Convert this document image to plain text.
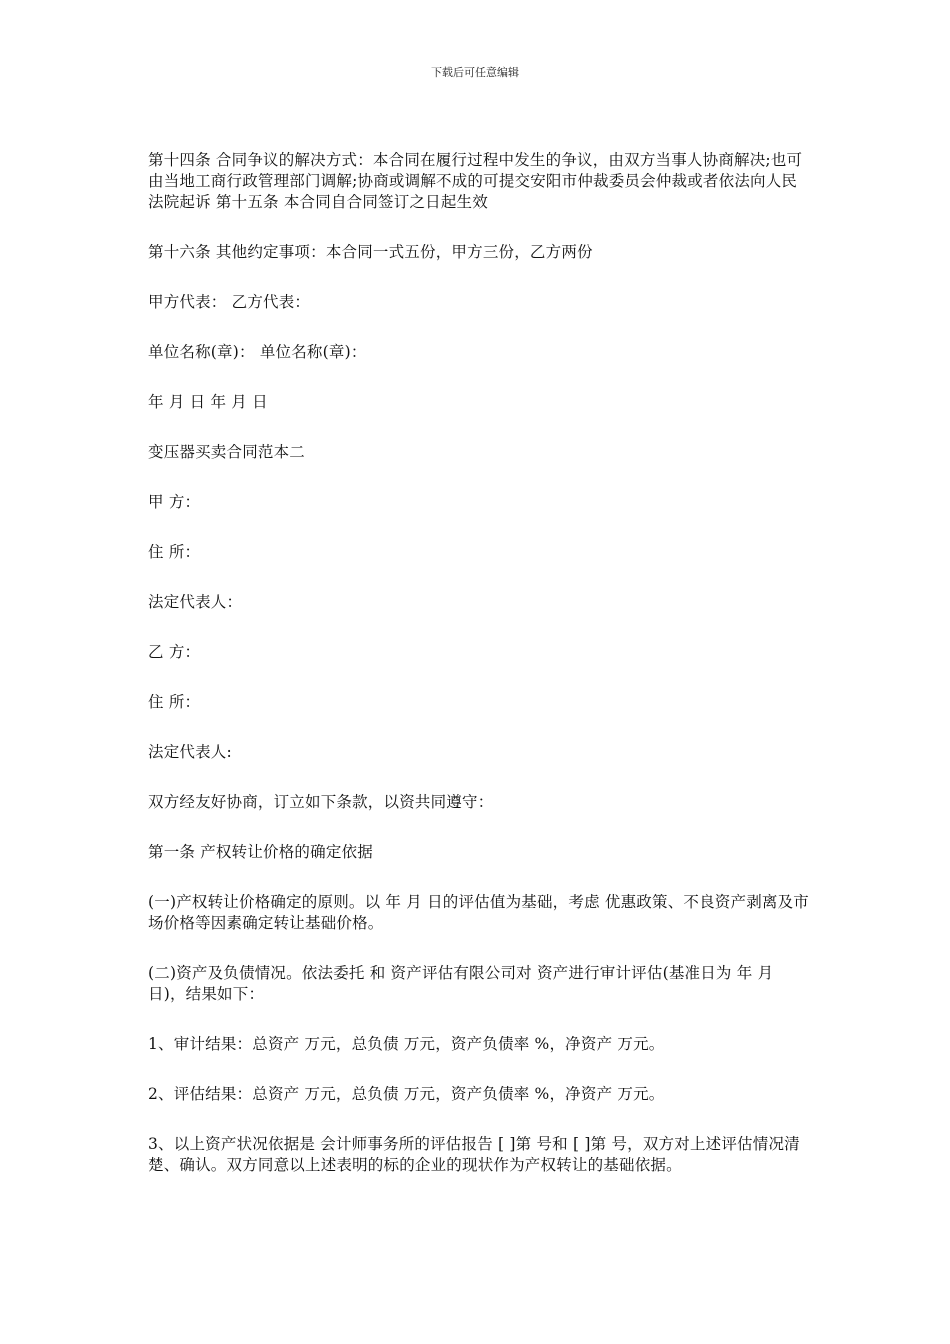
下载后可任意编辑

第十四条 合同争议的解决方式：本合同在履行过程中发生的争议，由双方当事人协商解决;也可由当地工商行政管理部门调解;协商或调解不成的可提交安阳市仲裁委员会仲裁或者依法向人民法院起诉 第十五条 本合同自合同签订之日起生效

第十六条 其他约定事项：本合同一式五份，甲方三份，乙方两份

甲方代表： 乙方代表：

单位名称(章)： 单位名称(章)：

年 月 日 年 月 日

变压器买卖合同范本二

甲 方：

住 所：

法定代表人：

乙 方：

住 所：

法定代表人:

双方经友好协商，订立如下条款，以资共同遵守：

第一条 产权转让价格的确定依据

(一)产权转让价格确定的原则。以 年 月 日的评估值为基础，考虑 优惠政策、不良资产剥离及市场价格等因素确定转让基础价格。

(二)资产及负债情况。依法委托 和 资产评估有限公司对 资产进行审计评估(基准日为 年 月日)，结果如下：

1、审计结果：总资产 万元，总负债 万元，资产负债率 %，净资产 万元。

2、评估结果：总资产 万元，总负债 万元，资产负债率 %，净资产 万元。

3、以上资产状况依据是 会计师事务所的评估报告 [ ]第 号和 [ ]第 号，双方对上述评估情况清楚、确认。双方同意以上述表明的标的企业的现状作为产权转让的基础依据。
